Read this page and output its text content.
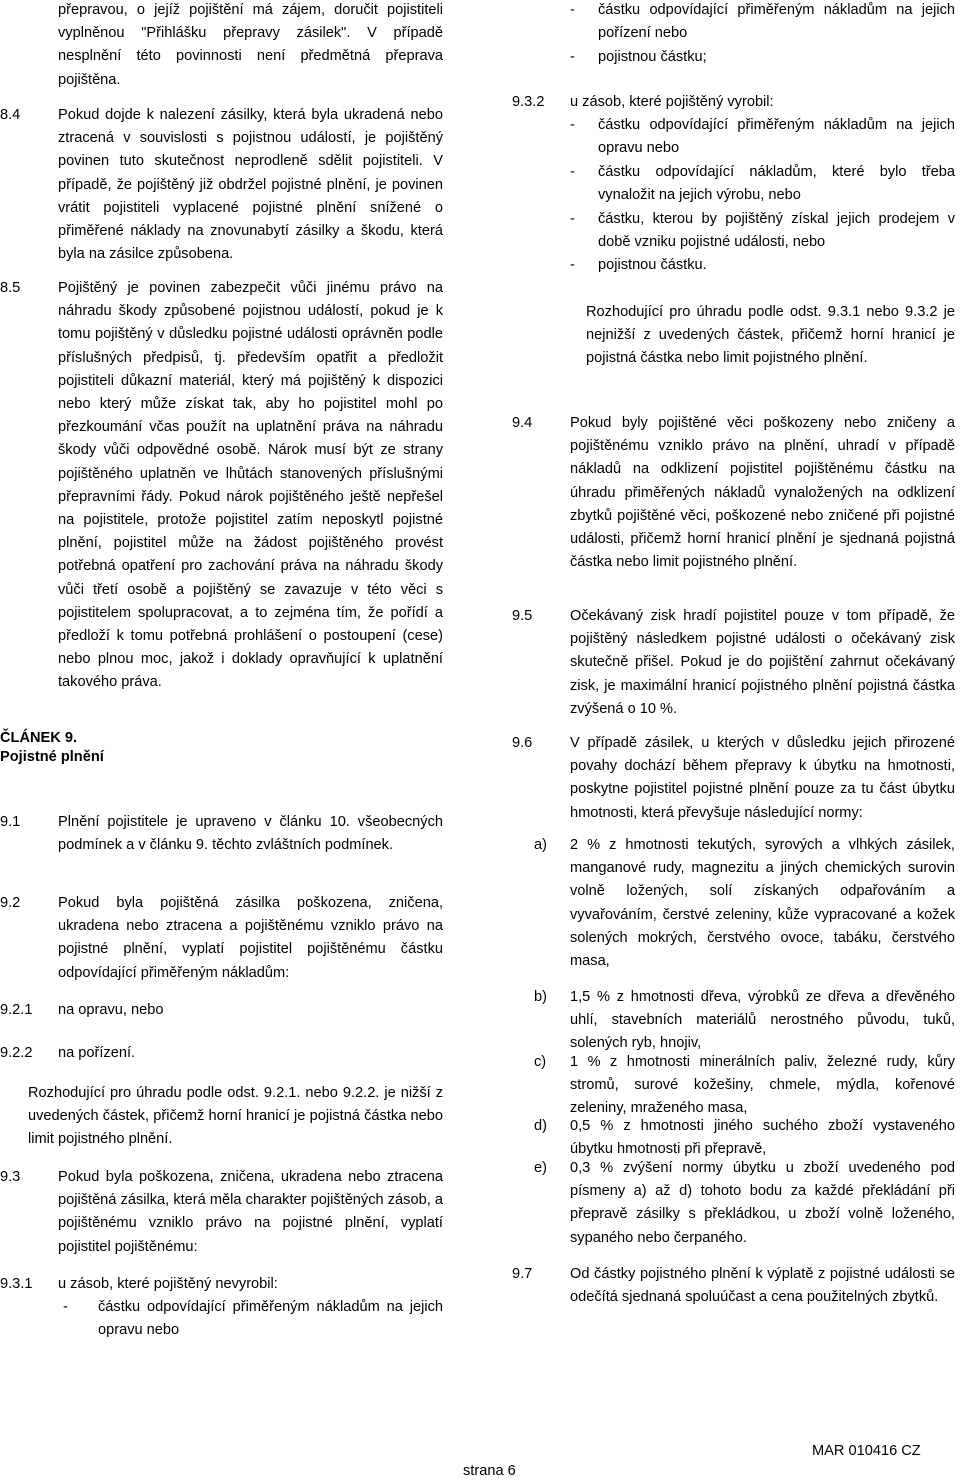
přepravou, o jejíž pojištění má zájem, doručit pojistiteli vyplněnou "Přihlášku přepravy zásilek". V případě nesplnění této povinnosti není předmětná přeprava pojištěna.
8.4	Pokud dojde k nalezení zásilky, která byla ukradená nebo ztracená v souvislosti s pojistnou událostí, je pojištěný povinen tuto skutečnost neprodleně sdělit pojistiteli. V případě, že pojištěný již obdržel pojistné plnění, je povinen vrátit pojistiteli vyplacené pojistné plnění snížené o přiměřené náklady na znovunabytí zásilky a škodu, která byla na zásilce způsobena.
8.5	Pojištěný je povinen zabezpečit vůči jinému právo na náhradu škody způsobené pojistnou událostí, pokud je k tomu pojištěný v důsledku pojistné události oprávněn podle příslušných předpisů, tj. především opatřit a předložit pojistiteli důkazní materiál, který má pojištěný k dispozici nebo který může získat tak, aby ho pojistitel mohl po přezkoumání včas použít na uplatnění práva na náhradu škody vůči odpovědné osobě. Nárok musí být ze strany pojištěného uplatněn ve lhůtách stanovených příslušnými přepravními řády. Pokud nárok pojištěného ještě nepřešel na pojistitele, protože pojistitel zatím neposkytl pojistné plnění, pojistitel může na žádost pojištěného provést potřebná opatření pro zachování práva na náhradu škody vůči třetí osobě a pojištěný se zavazuje v této věci s pojistitelem spolupracovat, a to zejména tím, že pořídí a předloží k tomu potřebná prohlášení o postoupení (cese) nebo plnou moc, jakož i doklady opravňující k uplatnění takového práva.
ČLÁNEK 9.
Pojistné plnění
9.1	Plnění pojistitele je upraveno v článku 10. všeobecných podmínek a v článku 9. těchto zvláštních podmínek.
9.2	Pokud byla pojištěná zásilka poškozena, zničena, ukradena nebo ztracena a pojištěnému vzniklo právo na pojistné plnění, vyplatí pojistitel pojištěnému částku odpovídající přiměřeným nákladům:
9.2.1 na opravu, nebo
9.2.2 na pořízení.
Rozhodující pro úhradu podle odst. 9.2.1. nebo 9.2.2. je nižší z uvedených částek, přičemž horní hranicí je pojistná částka nebo limit pojistného plnění.
9.3	Pokud byla poškozena, zničena, ukradena nebo ztracena pojištěná zásilka, která měla charakter pojištěných zásob, a pojištěnému vzniklo právo na pojistné plnění, vyplatí pojistitel pojištěnému:
9.3.1 u zásob, které pojištěný nevyrobil:
- částku odpovídající přiměřeným nákladům na jejich opravu nebo
- částku odpovídající přiměřeným nákladům na jejich pořízení nebo
- pojistnou částku;
9.3.2 u zásob, které pojištěný vyrobil:
- částku odpovídající přiměřeným nákladům na jejich opravu nebo
- částku odpovídající nákladům, které bylo třeba vynaložit na jejich výrobu, nebo
- částku, kterou by pojištěný získal jejich prodejem v době vzniku pojistné události, nebo
- pojistnou částku.
Rozhodující pro úhradu podle odst. 9.3.1 nebo 9.3.2 je nejnižší z uvedených částek, přičemž horní hranicí je pojistná částka nebo limit pojistného plnění.
9.4	Pokud byly pojištěné věci poškozeny nebo zničeny a pojištěnému vzniklo právo na plnění, uhradí v případě nákladů na odklizení pojistitel pojištěnému částku na úhradu přiměřených nákladů vynaložených na odklizení zbytků pojištěné věci, poškozené nebo zničené při pojistné události, přičemž horní hranicí plnění je sjednaná pojistná částka nebo limit pojistného plnění.
9.5	Očekávaný zisk hradí pojistitel pouze v tom případě, že pojištěný následkem pojistné události o očekávaný zisk skutečně přišel. Pokud je do pojištění zahrnut očekávaný zisk, je maximální hranicí pojistného plnění pojistná částka zvýšená o 10 %.
9.6	V případě zásilek, u kterých v důsledku jejich přirozené povahy dochází během přepravy k úbytku na hmotnosti, poskytne pojistitel pojistné plnění pouze za tu část úbytku hmotnosti, která převyšuje následující normy:
a) 2 % z hmotnosti tekutých, syrových a vlhkých zásilek, manganové rudy, magnezitu a jiných chemických surovin volně ložených, solí získaných odpařováním a vyvařováním, čerstvé zeleniny, kůže vypracované a kožek solených mokrých, čerstvého ovoce, tabáku, čerstvého masa,
b) 1,5 % z hmotnosti dřeva, výrobků ze dřeva a dřevěného uhlí, stavebních materiálů nerostného původu, tuků, solených ryb, hnojiv,
c) 1 % z hmotnosti minerálních paliv, železné rudy, kůry stromů, surové kožešiny, chmele, mýdla, kořenové zeleniny, mraženého masa,
d) 0,5 % z hmotnosti jiného suchého zboží vystaveného úbytku hmotnosti při přepravě,
e) 0,3 % zvýšení normy úbytku u zboží uvedeného pod písmeny a) až d) tohoto bodu za každé překládání při přepravě zásilky s překládkou, u zboží volně loženého, sypaného nebo čerpaného.
9.7	Od částky pojistného plnění k výplatě z pojistné události se odečítá sjednaná spoluúčast a cena použitelných zbytků.
strana 6
MAR 010416 CZ
